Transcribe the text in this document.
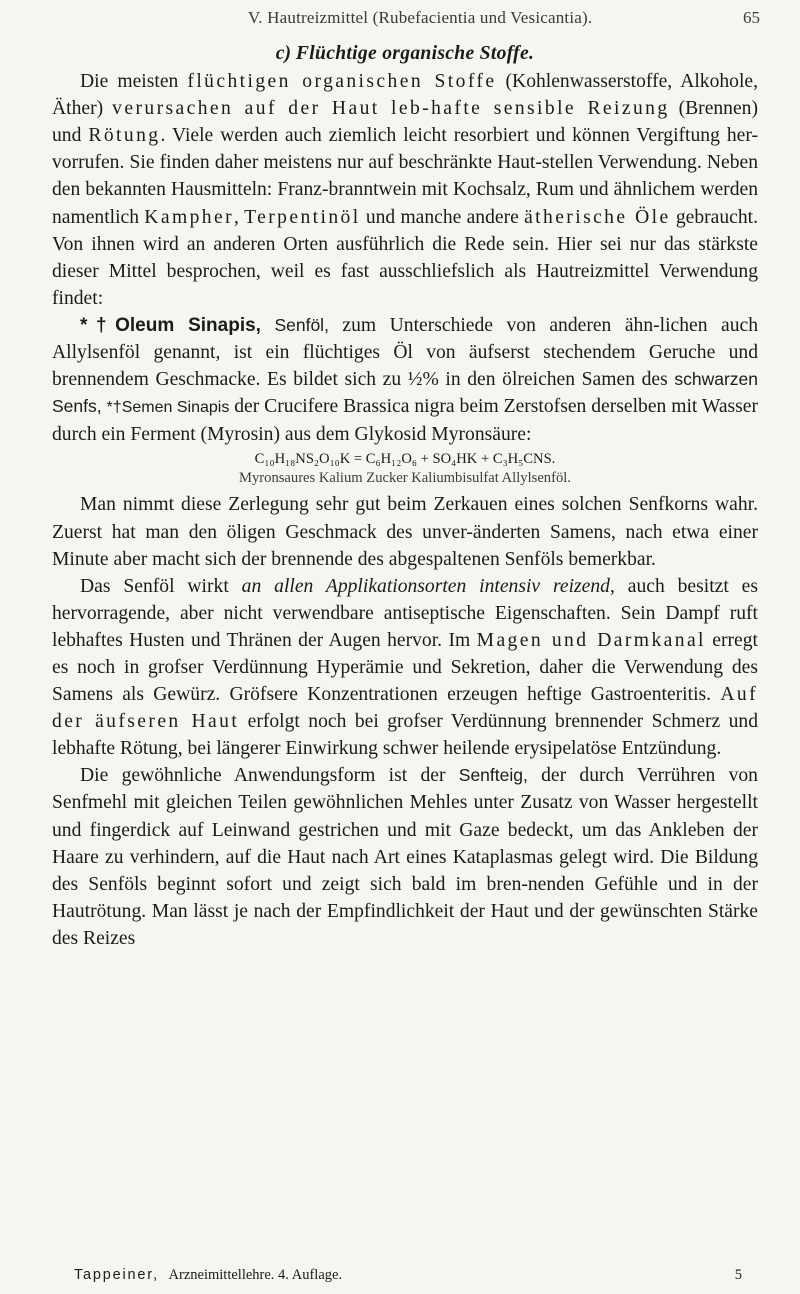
V. Hautreizmittel (Rubefacientia und Vesicantia).	65
c) Flüchtige organische Stoffe.

Die meisten flüchtigen organischen Stoffe (Kohlenwasserstoffe, Alkohole, Äther) verursachen auf der Haut leb-hafte sensible Reizung (Brennen) und Rötung. Viele werden auch ziemlich leicht resorbiert und können Vergiftung her-vorrufen. Sie finden daher meistens nur auf beschränkte Haut-stellen Verwendung. Neben den bekannten Hausmitteln: Franz-branntwein mit Kochsalz, Rum und ähnlichem werden namentlich Kampher, Terpentinöl und manche andere ätherische Öle gebraucht. Von ihnen wird an anderen Orten ausführlich die Rede sein. Hier sei nur das stärkste dieser Mittel besprochen, weil es fast ausschliefslich als Hautreizmittel Verwendung findet:

*†Oleum Sinapis, Senföl, zum Unterschiede von anderen ähn-lichen auch Allylsenföl genannt, ist ein flüchtiges Öl von äufserst stechendem Geruche und brennendem Geschmacke. Es bildet sich zu ½% in den ölreichen Samen des schwarzen Senfs, *†Semen Sinapis der Crucifere Brassica nigra beim Zerstofsen derselben mit Wasser durch ein Ferment (Myrosin) aus dem Glykosid Myronsäure:

C₁₀H₁₈NS₂O₁₀K = C₆H₁₂O₆ + SO₄HK + C₃H₅CNS.
Myronsaures Kalium Zucker Kaliumbisulfat Allylsenföl.

Man nimmt diese Zerlegung sehr gut beim Zerkauen eines solchen Senfkorns wahr. Zuerst hat man den öligen Geschmack des unver-änderten Samens, nach etwa einer Minute aber macht sich der brennende des abgespaltenen Senföls bemerkbar.

Das Senföl wirkt an allen Applikationsorten intensiv reizend, auch besitzt es hervorragende, aber nicht verwendbare antiseptische Eigenschaften. Sein Dampf ruft lebhaftes Husten und Thränen der Augen hervor. Im Magen und Darmkanal erregt es noch in grofser Verdünnung Hyperämie und Sekretion, daher die Verwendung des Samens als Gewürz. Gröfsere Konzentrationen erzeugen heftige Gastroenteritis. Auf der äufseren Haut erfolgt noch bei grofser Verdünnung brennender Schmerz und lebhafte Rötung, bei längerer Einwirkung schwer heilende erysipelatöse Entzündung.

Die gewöhnliche Anwendungsform ist der Senfteig, der durch Verrühren von Senfmehl mit gleichen Teilen gewöhnlichen Mehles unter Zusatz von Wasser hergestellt und fingerdick auf Leinwand gestrichen und mit Gaze bedeckt, um das Ankleben der Haare zu verhindern, auf die Haut nach Art eines Kataplasmas gelegt wird. Die Bildung des Senföls beginnt sofort und zeigt sich bald im bren-nenden Gefühle und in der Hautrötung. Man lässt je nach der Empfindlichkeit der Haut und der gewünschten Stärke des Reizes

Tappeiner, Arzneimittellehre. 4. Auflage.	5
